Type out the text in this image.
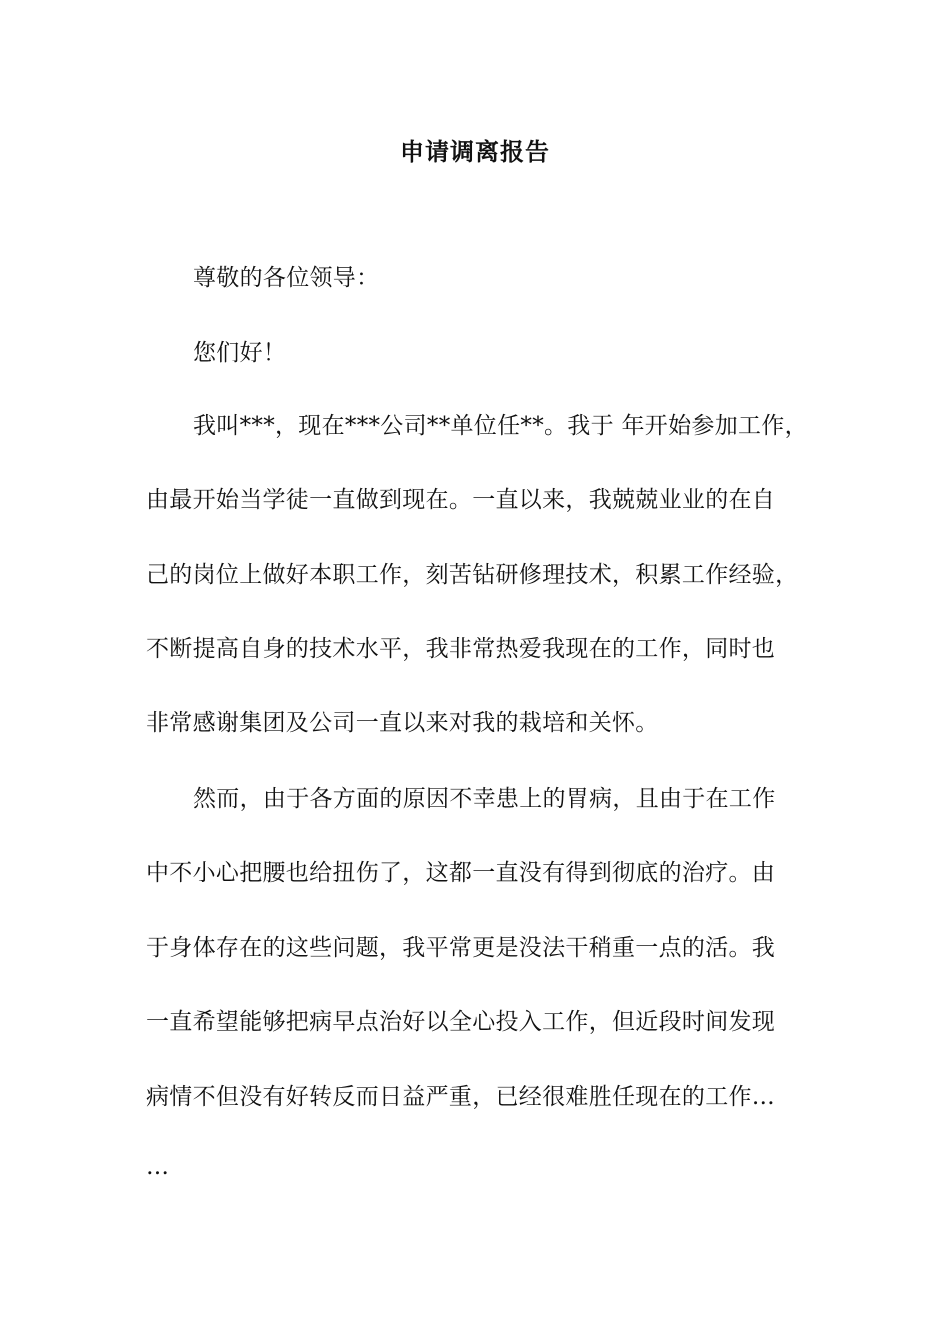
申请调离报告
尊敬的各位领导：
您们好！
我叫***，现在***公司**单位任**。我于 年开始参加工作，
由最开始当学徒一直做到现在。一直以来，我兢兢业业的在自
己的岗位上做好本职工作，刻苦钻研修理技术，积累工作经验，
不断提高自身的技术水平，我非常热爱我现在的工作，同时也
非常感谢集团及公司一直以来对我的栽培和关怀。
然而，由于各方面的原因不幸患上的胃病，且由于在工作
中不小心把腰也给扭伤了，这都一直没有得到彻底的治疗。由
于身体存在的这些问题，我平常更是没法干稍重一点的活。我
一直希望能够把病早点治好以全心投入工作，但近段时间发现
病情不但没有好转反而日益严重，已经很难胜任现在的工作…
…
